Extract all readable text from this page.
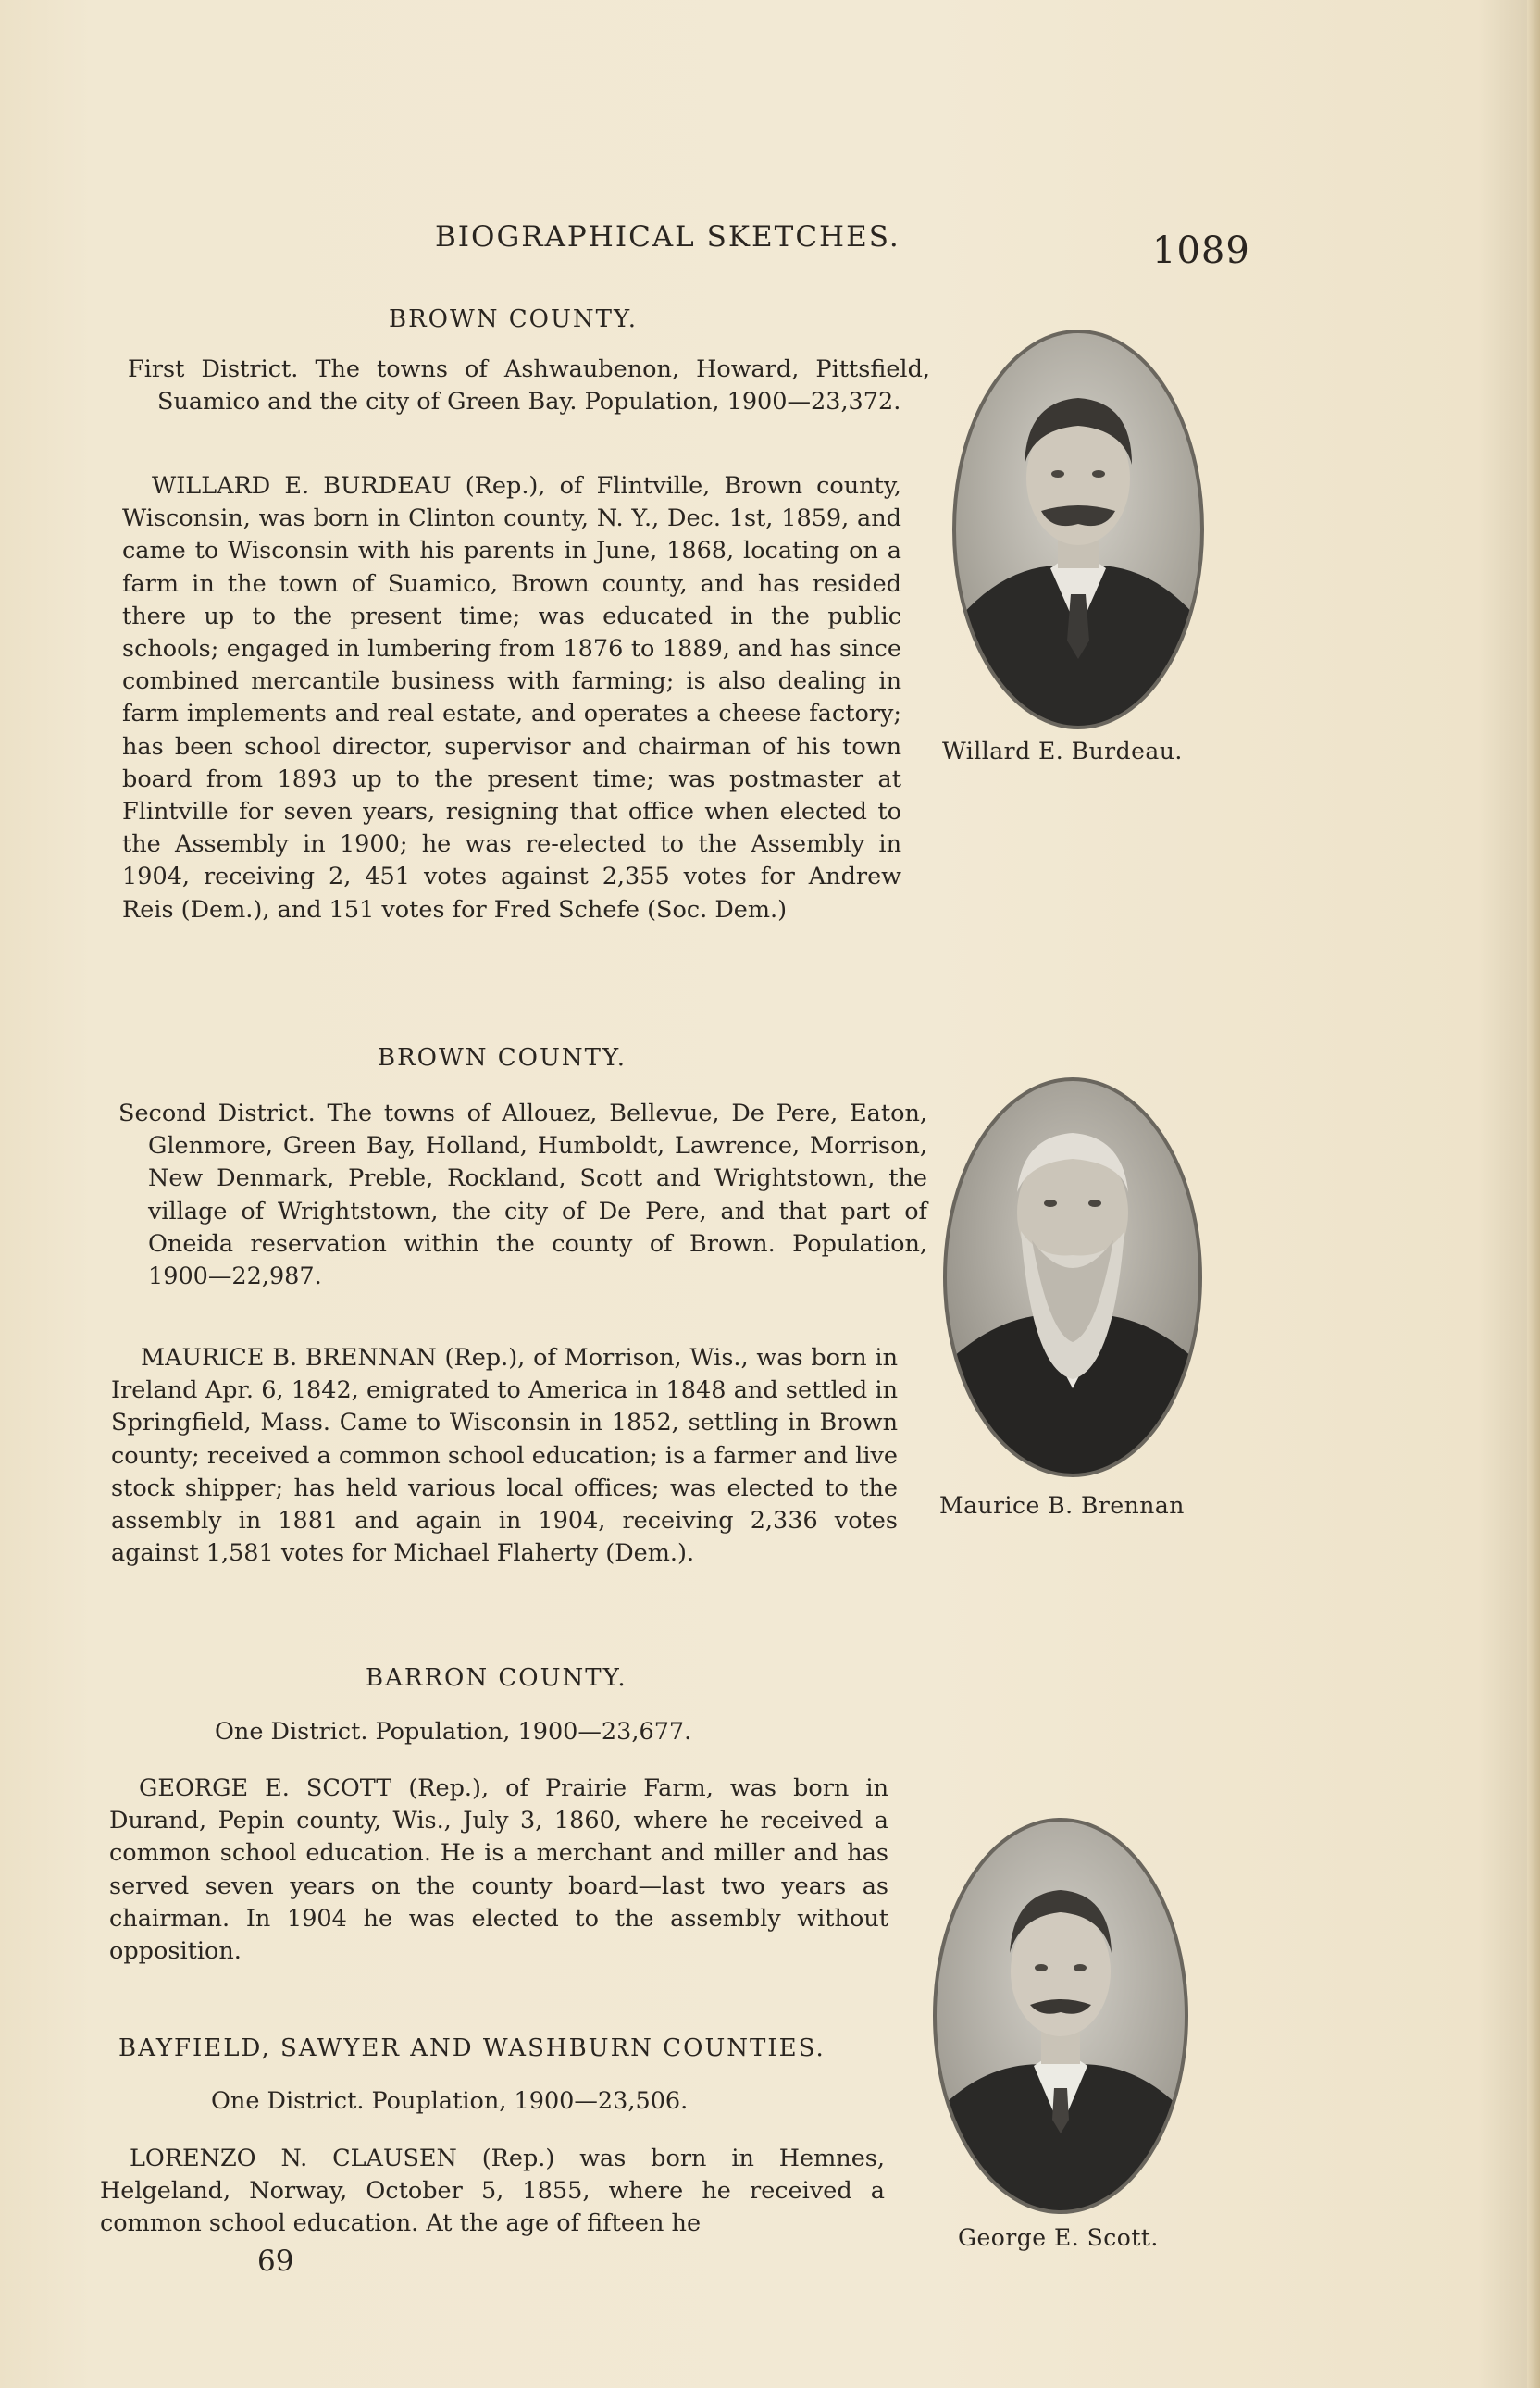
BIOGRAPHICAL SKETCHES.	1089
BROWN COUNTY.

First District. The towns of Ashwaubenon, Howard, Pittsfield, Suamico and the city of Green Bay. Population, 1900—23,372.

WILLARD E. BURDEAU (Rep.), of Flintville, Brown county, Wisconsin, was born in Clinton county, N. Y., Dec. 1st, 1859, and came to Wisconsin with his parents in June, 1868, locating on a farm in the town of Suamico, Brown county, and has resided there up to the present time; was educated in the public schools; engaged in lumbering from 1876 to 1889, and has since combined mercantile business with farming; is also dealing in farm implements and real estate, and operates a cheese factory; has been school director, supervisor and chairman of his town board from 1893 up to the present time; was postmaster at Flintville for seven years, resigning that office when elected to the Assembly in 1900; he was re-elected to the Assembly in 1904, receiving 2, 451 votes against 2,355 votes for Andrew Reis (Dem.), and 151 votes for Fred Schefe (Soc. Dem.)

Willard E. Burdeau.
BROWN COUNTY.

Second District. The towns of Allouez, Bellevue, De Pere, Eaton, Glenmore, Green Bay, Holland, Humboldt, Lawrence, Morrison, New Denmark, Preble, Rockland, Scott and Wrightstown, the village of Wrightstown, the city of De Pere, and that part of Oneida reservation within the county of Brown. Population, 1900—22,987.

MAURICE B. BRENNAN (Rep.), of Morrison, Wis., was born in Ireland Apr. 6, 1842, emigrated to America in 1848 and settled in Springfield, Mass. Came to Wisconsin in 1852, settling in Brown county; received a common school education; is a farmer and live stock shipper; has held various local offices; was elected to the assembly in 1881 and again in 1904, receiving 2,336 votes against 1,581 votes for Michael Flaherty (Dem.).

Maurice B. Brennan
BARRON COUNTY.
One District. Population, 1900—23,677.

GEORGE E. SCOTT (Rep.), of Prairie Farm, was born in Durand, Pepin county, Wis., July 3, 1860, where he received a common school education. He is a merchant and miller and has served seven years on the county board—last two years as chairman. In 1904 he was elected to the assembly without opposition.

George E. Scott.
BAYFIELD, SAWYER AND WASHBURN COUNTIES.
One District. Pouplation, 1900—23,506.

LORENZO N. CLAUSEN (Rep.) was born in Hemnes, Helgeland, Norway, October 5, 1855, where he received a common school education. At the age of fifteen he

69
